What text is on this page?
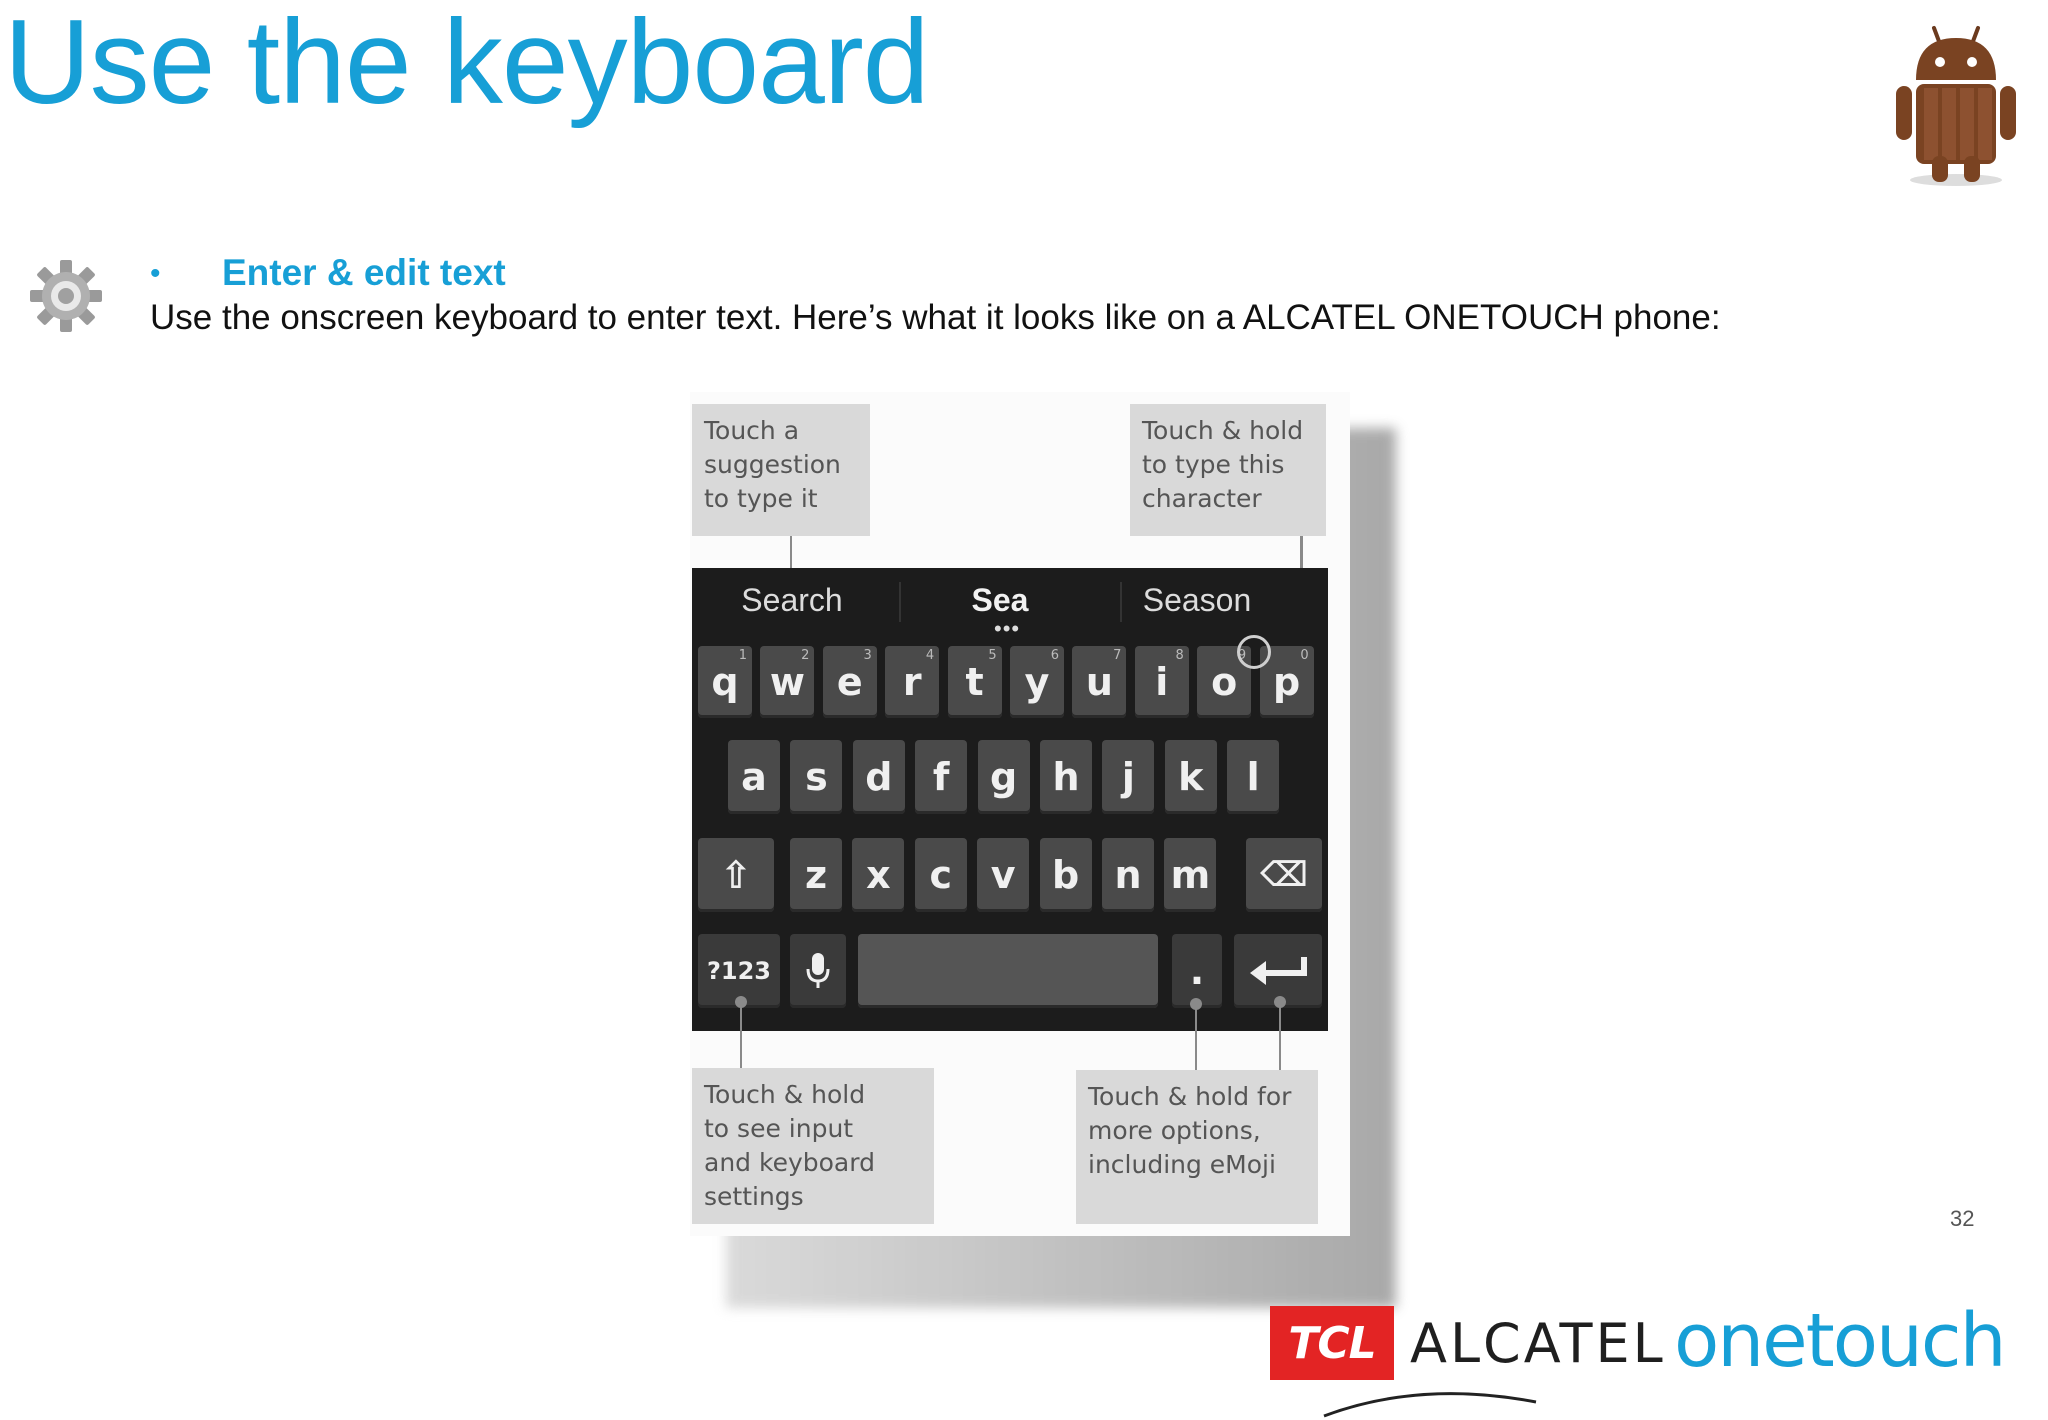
Use the keyboard
• Enter & edit text

Use the onscreen keyboard to enter text. Here’s what it looks like on a ALCATEL ONETOUCH phone:

Touch a
suggestion
to type it
Touch & hold
to type this
character
Search	Sea
•••
Season
q
1
w
2
e
3
r
4
t
5
y
6
u
7
i
8
o
9
p
0
a	s d	f	g h	j	k	l
⇧	⌫
z	x	c	v b n m
?123	.
Touch & hold
to see input
and keyboard
settings
Touch & hold for
more options,
including eMoji
32
TCL ALCATEL onetouch
